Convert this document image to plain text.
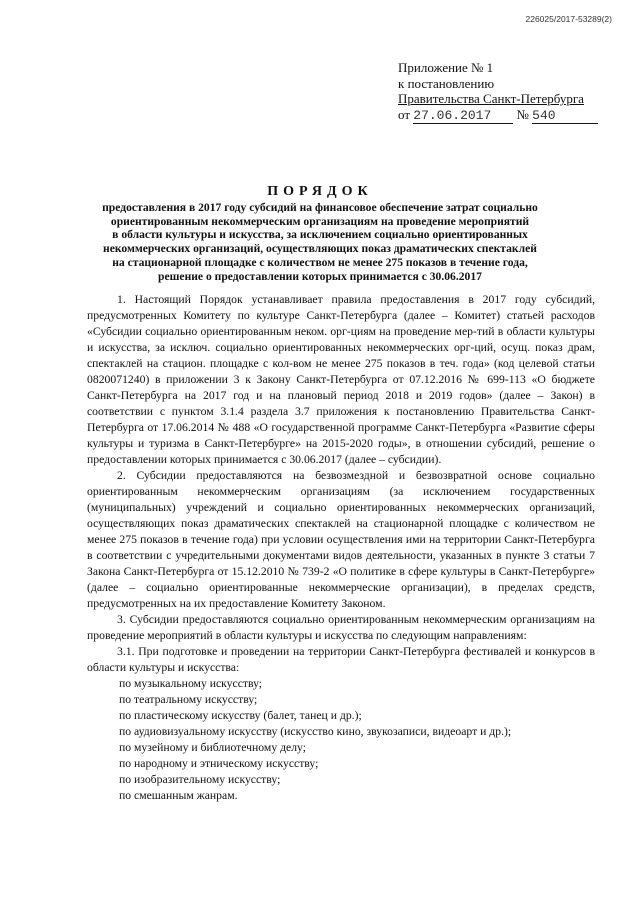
226025/2017-53289(2)
Приложение № 1
к постановлению
Правительства Санкт-Петербурга
от 27.06.2017 № 540
ПОРЯДОК
предоставления в 2017 году субсидий на финансовое обеспечение затрат социально
ориентированным некоммерческим организациям на проведение мероприятий
в области культуры и искусства, за исключением социально ориентированных
некоммерческих организаций, осуществляющих показ драматических спектаклей
на стационарной площадке с количеством не менее 275 показов в течение года,
решение о предоставлении которых принимается с 30.06.2017

1. Настоящий Порядок устанавливает правила предоставления в 2017 году субсидий, предусмотренных Комитету по культуре Санкт-Петербурга (далее – Комитет) статьей расходов «Субсидии социально ориентированным неком. орг-циям на проведение мер-тий в области культуры и искусства, за исключ. социально ориентированных некоммерческих орг-ций, осущ. показ драм, спектаклей на стацион. площадке с кол-вом не менее 275 показов в теч. года» (код целевой статьи 0820071240) в приложении 3 к Закону Санкт-Петербурга от 07.12.2016 № 699-113 «О бюджете Санкт-Петербурга на 2017 год и на плановый период 2018 и 2019 годов» (далее – Закон) в соответствии с пунктом 3.1.4 раздела 3.7 приложения к постановлению Правительства Санкт-Петербурга от 17.06.2014 № 488 «О государственной программе Санкт-Петербурга «Развитие сферы культуры и туризма в Санкт-Петербурге» на 2015-2020 годы», в отношении субсидий, решение о предоставлении которых принимается с 30.06.2017 (далее – субсидии).

2. Субсидии предоставляются на безвозмездной и безвозвратной основе социально ориентированным некоммерческим организациям (за исключением государственных (муниципальных) учреждений и социально ориентированных некоммерческих организаций, осуществляющих показ драматических спектаклей на стационарной площадке с количеством не менее 275 показов в течение года) при условии осуществления ими на территории Санкт-Петербурга в соответствии с учредительными документами видов деятельности, указанных в пункте 3 статьи 7 Закона Санкт-Петербурга от 15.12.2010 № 739-2 «О политике в сфере культуры в Санкт-Петербурге» (далее – социально ориентированные некоммерческие организации), в пределах средств, предусмотренных на их предоставление Комитету Законом.

3. Субсидии предоставляются социально ориентированным некоммерческим организациям на проведение мероприятий в области культуры и искусства по следующим направлениям:

3.1. При подготовке и проведении на территории Санкт-Петербурга фестивалей и конкурсов в области культуры и искусства:

по музыкальному искусству;
по театральному искусству;
по пластическому искусству (балет, танец и др.);
по аудиовизуальному искусству (искусство кино, звукозаписи, видеоарт и др.);
по музейному и библиотечному делу;
по народному и этническому искусству;
по изобразительному искусству;
по смешанным жанрам.
